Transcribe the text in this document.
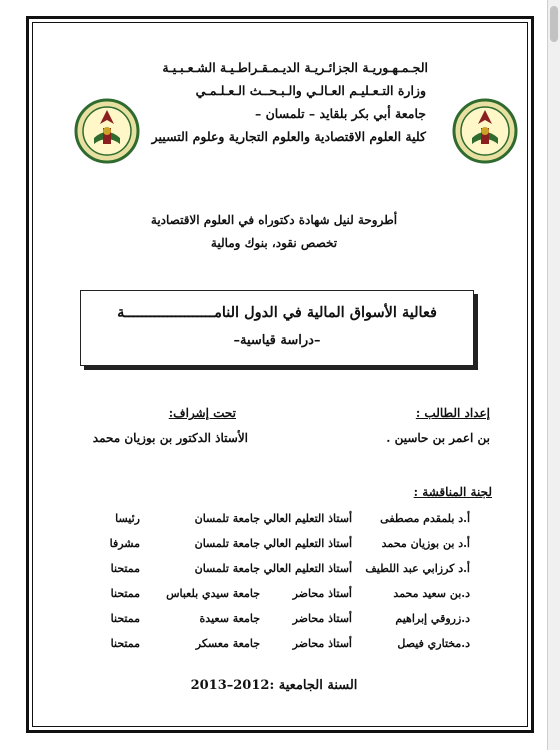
الجـمـهـوريـة الجزائـريـة الديـمـقـراطـيـة الشـعـبـيـة
وزارة التـعـليـم العـالـي والـبـحــث الـعـلـمـي
جامعة أبي بكر بلقايد – تلمسان –
كلية العلوم الاقتصادية والعلوم التجارية وعلوم التسيير
أطروحة لنيل شهادة دكتوراه في العلوم الاقتصادية
تخصص نقود، بنوك ومالية
فعالية الأسواق المالية في الدول النامـــــــــــــــــــــة
–دراسة قياسية–
إعداد الطالب :
بن اعمر بن حاسين .
تحت إشراف:
الأستاذ الدكتور بن بوزيان محمد
لجنة المناقشة :
أ.د بلمقدم مصطفى
أستاذ التعليم العالي
جامعة تلمسان
رئيسا
أ.د بن بوزيان محمد
أستاذ التعليم العالي
جامعة تلمسان
مشرفا
أ.د كرزابي عبد اللطيف
أستاذ التعليم العالي
جامعة تلمسان
ممتحنا
د.بن سعيد محمد
أستاذ محاضر
جامعة سيدي بلعباس
ممتحنا
د.زروقي إبراهيم
أستاذ محاضر
جامعة سعيدة
ممتحنا
د.مختاري فيصل
أستاذ محاضر
جامعة معسكر
ممتحنا
السنة الجامعية :2012–2013
